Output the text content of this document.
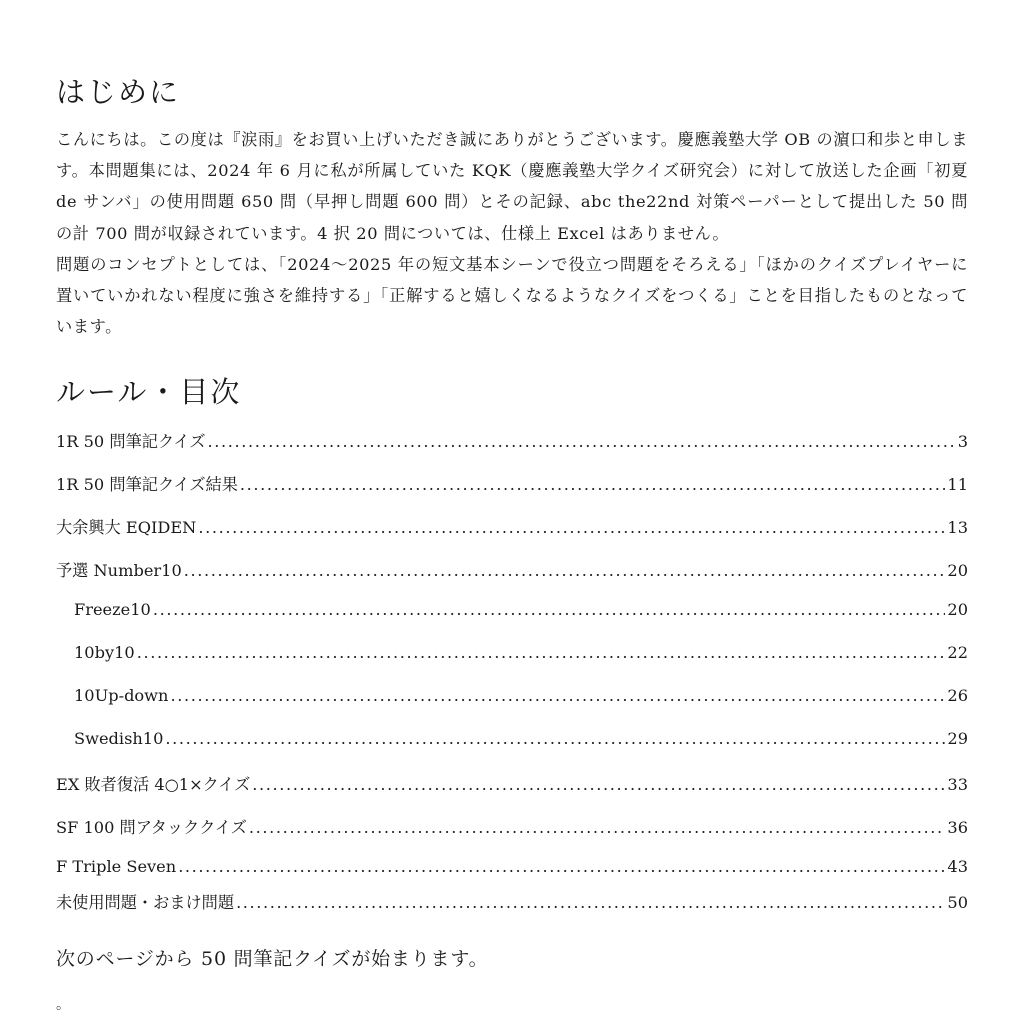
はじめに

こんにちは。この度は『涙雨』をお買い上げいただき誠にありがとうございます。慶應義塾大学 OB の濵口和歩と申します。本問題集には、2024 年 6 月に私が所属していた KQK（慶應義塾大学クイズ研究会）に対して放送した企画「初夏 de サンバ」の使用問題 650 問（早押し問題 600 問）とその記録、abc the22nd 対策ペーパーとして提出した 50 問の計 700 問が収録されています。4 択 20 問については、仕様上 Excel はありません。

問題のコンセプトとしては、「2024〜2025 年の短文基本シーンで役立つ問題をそろえる」「ほかのクイズプレイヤーに置いていかれない程度に強さを維持する」「正解すると嬉しくなるようなクイズをつくる」ことを目指したものとなっています。

ルール・目次
1R 50 問筆記クイズ .....	3
1R 50 問筆記クイズ結果 .....	11
大余興大 EQIDEN .....	13
予選 Number10 .....	20
Freeze10 .....	20
10by10 .....	22
10Up-down .....	26
Swedish10 .....	29
EX 敗者復活 4○1×クイズ .....	33
SF 100 問アタッククイズ .....	36
F Triple Seven .....	43
未使用問題・おまけ問題 .....	50
次のページから 50 問筆記クイズが始まります。
。
